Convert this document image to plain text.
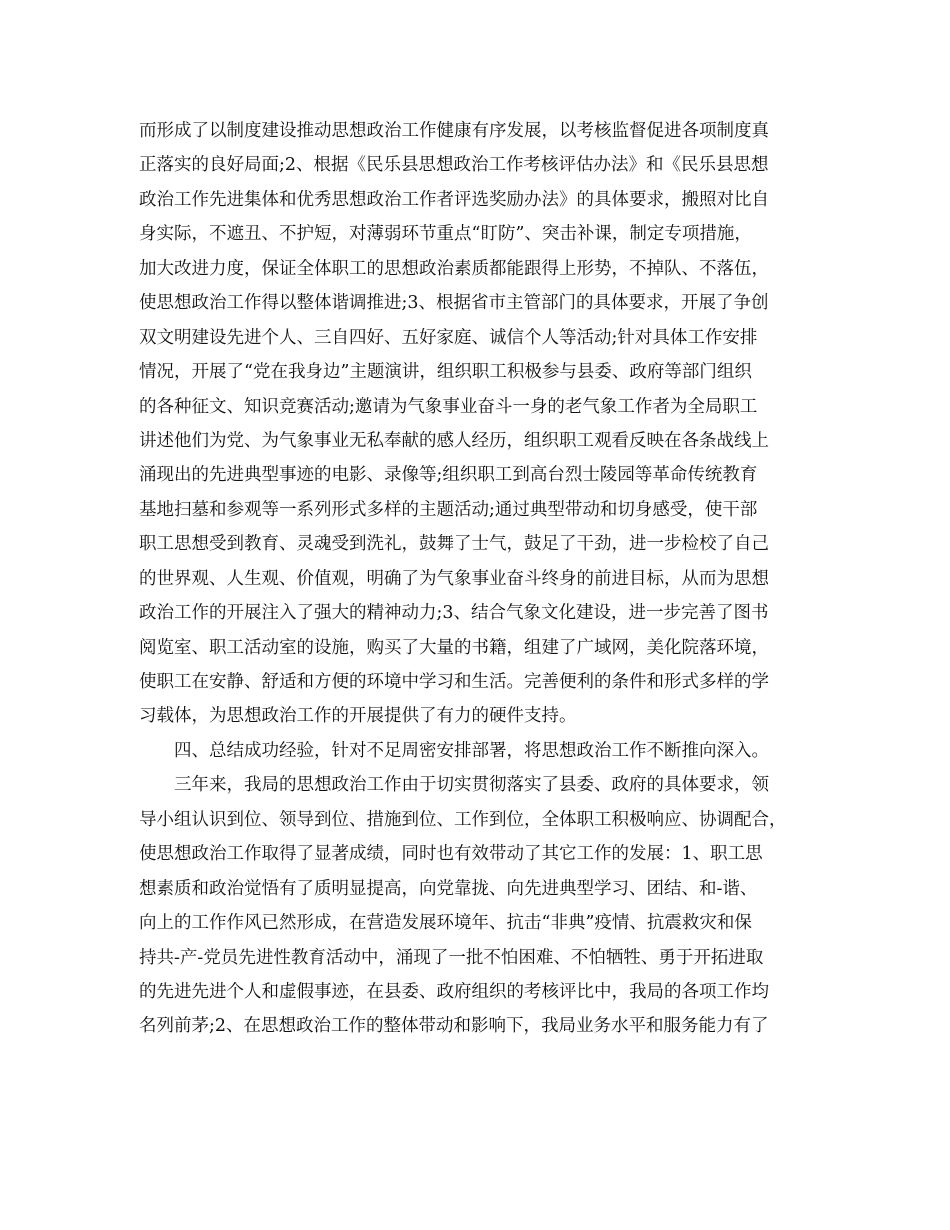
而形成了以制度建设推动思想政治工作健康有序发展，以考核监督促进各项制度真
正落实的良好局面;2、根据《民乐县思想政治工作考核评估办法》和《民乐县思想
政治工作先进集体和优秀思想政治工作者评选奖励办法》的具体要求，搬照对比自
身实际，不遮丑、不护短，对薄弱环节重点“盯防”、突击补课，制定专项措施，
加大改进力度，保证全体职工的思想政治素质都能跟得上形势，不掉队、不落伍，
使思想政治工作得以整体谐调推进;3、根据省市主管部门的具体要求，开展了争创
双文明建设先进个人、三自四好、五好家庭、诚信个人等活动;针对具体工作安排
情况，开展了“党在我身边”主题演讲，组织职工积极参与县委、政府等部门组织
的各种征文、知识竞赛活动;邀请为气象事业奋斗一身的老气象工作者为全局职工
讲述他们为党、为气象事业无私奉献的感人经历，组织职工观看反映在各条战线上
涌现出的先进典型事迹的电影、录像等;组织职工到高台烈士陵园等革命传统教育
基地扫墓和参观等一系列形式多样的主题活动;通过典型带动和切身感受，使干部
职工思想受到教育、灵魂受到洗礼，鼓舞了士气，鼓足了干劲，进一步检校了自己
的世界观、人生观、价值观，明确了为气象事业奋斗终身的前进目标，从而为思想
政治工作的开展注入了强大的精神动力;3、结合气象文化建设，进一步完善了图书
阅览室、职工活动室的设施，购买了大量的书籍，组建了广域网，美化院落环境，
使职工在安静、舒适和方便的环境中学习和生活。完善便利的条件和形式多样的学
习载体，为思想政治工作的开展提供了有力的硬件支持。
四、总结成功经验，针对不足周密安排部署，将思想政治工作不断推向深入。
三年来，我局的思想政治工作由于切实贯彻落实了县委、政府的具体要求，领
导小组认识到位、领导到位、措施到位、工作到位，全体职工积极响应、协调配合，
使思想政治工作取得了显著成绩，同时也有效带动了其它工作的发展：1、职工思
想素质和政治觉悟有了质明显提高，向党靠拢、向先进典型学习、团结、和-谐、
向上的工作作风已然形成，在营造发展环境年、抗击“非典”疫情、抗震救灾和保
持共-产-党员先进性教育活动中，涌现了一批不怕困难、不怕牺牲、勇于开拓进取
的先进先进个人和虚假事迹，在县委、政府组织的考核评比中，我局的各项工作均
名列前茅;2、在思想政治工作的整体带动和影响下，我局业务水平和服务能力有了
